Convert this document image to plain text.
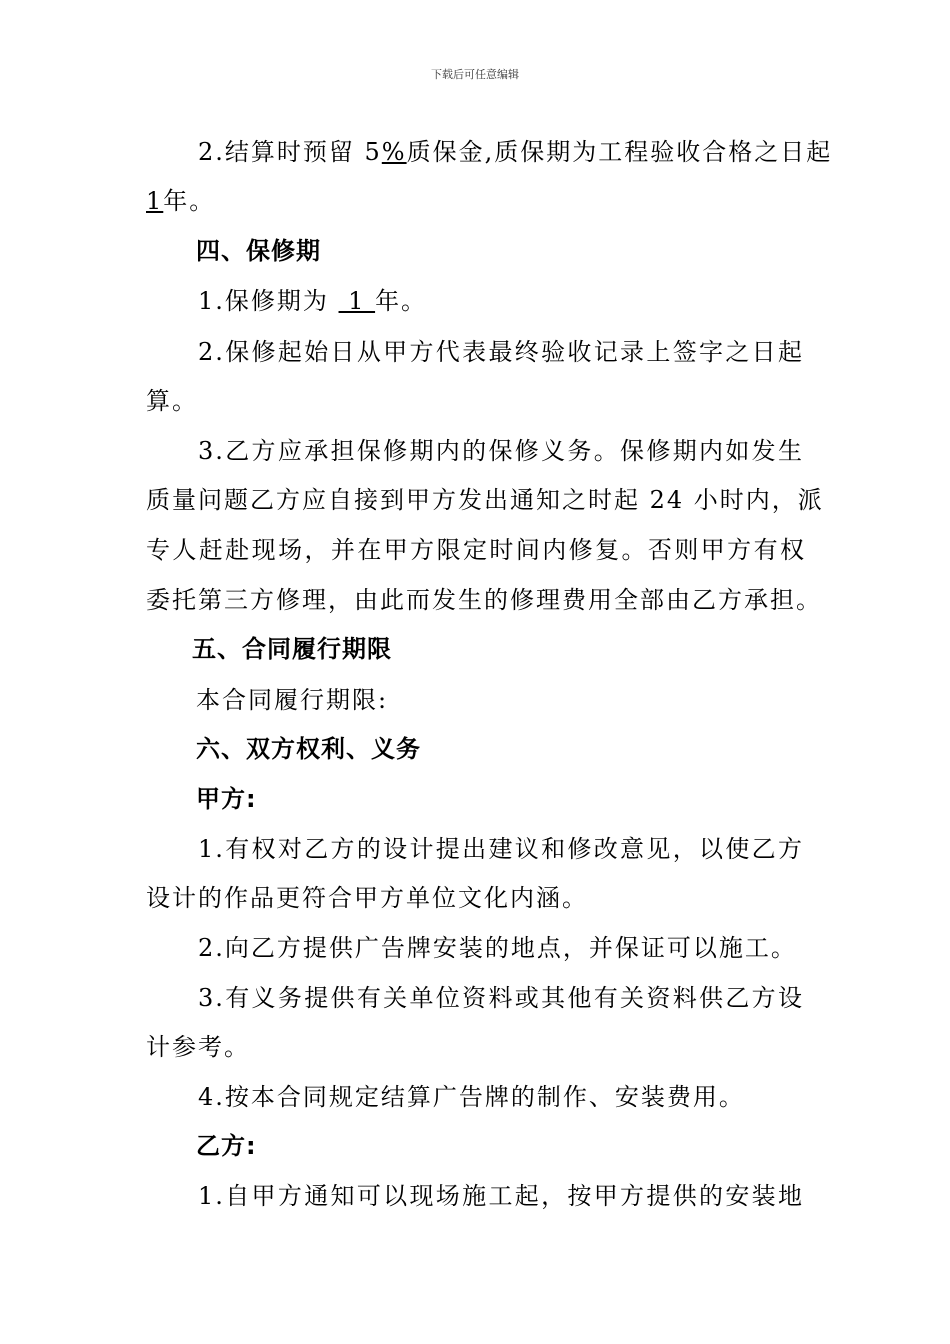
下载后可任意编辑
2.结算时预留 5%质保金,质保期为工程验收合格之日起
1年。
四、保修期
1.保修期为  1 年。
2.保修起始日从甲方代表最终验收记录上签字之日起
算。
3.乙方应承担保修期内的保修义务。保修期内如发生
质量问题乙方应自接到甲方发出通知之时起 24 小时内，派
专人赶赴现场，并在甲方限定时间内修复。否则甲方有权
委托第三方修理，由此而发生的修理费用全部由乙方承担。
五、合同履行期限
本合同履行期限:
六、双方权利、义务
甲方:
1.有权对乙方的设计提出建议和修改意见，以使乙方
设计的作品更符合甲方单位文化内涵。
2.向乙方提供广告牌安装的地点，并保证可以施工。
3.有义务提供有关单位资料或其他有关资料供乙方设
计参考。
4.按本合同规定结算广告牌的制作、安装费用。
乙方:
1.自甲方通知可以现场施工起，按甲方提供的安装地
